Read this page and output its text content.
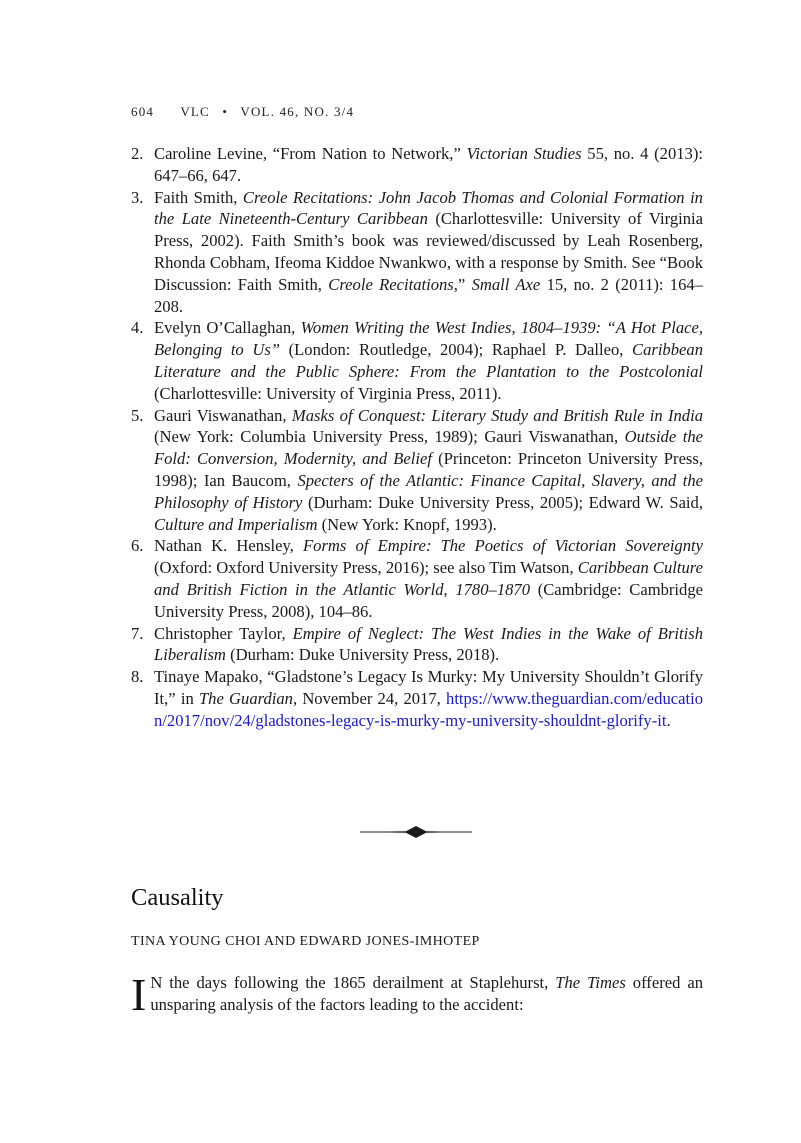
604 VLC • VOL. 46, NO. 3/4
2. Caroline Levine, “From Nation to Network,” Victorian Studies 55, no. 4 (2013): 647–66, 647.
3. Faith Smith, Creole Recitations: John Jacob Thomas and Colonial Formation in the Late Nineteenth-Century Caribbean (Charlottesville: University of Virginia Press, 2002). Faith Smith’s book was reviewed/discussed by Leah Rosenberg, Rhonda Cobham, Ifeoma Kiddoe Nwankwo, with a response by Smith. See “Book Discussion: Faith Smith, Creole Recitations,” Small Axe 15, no. 2 (2011): 164–208.
4. Evelyn O’Callaghan, Women Writing the West Indies, 1804–1939: “A Hot Place, Belonging to Us” (London: Routledge, 2004); Raphael P. Dalleo, Caribbean Literature and the Public Sphere: From the Plantation to the Postcolonial (Charlottesville: University of Virginia Press, 2011).
5. Gauri Viswanathan, Masks of Conquest: Literary Study and British Rule in India (New York: Columbia University Press, 1989); Gauri Viswanathan, Outside the Fold: Conversion, Modernity, and Belief (Princeton: Princeton University Press, 1998); Ian Baucom, Specters of the Atlantic: Finance Capital, Slavery, and the Philosophy of History (Durham: Duke University Press, 2005); Edward W. Said, Culture and Imperialism (New York: Knopf, 1993).
6. Nathan K. Hensley, Forms of Empire: The Poetics of Victorian Sovereignty (Oxford: Oxford University Press, 2016); see also Tim Watson, Caribbean Culture and British Fiction in the Atlantic World, 1780–1870 (Cambridge: Cambridge University Press, 2008), 104–86.
7. Christopher Taylor, Empire of Neglect: The West Indies in the Wake of British Liberalism (Durham: Duke University Press, 2018).
8. Tinaye Mapako, “Gladstone’s Legacy Is Murky: My University Shouldn’t Glorify It,” in The Guardian, November 24, 2017, https://www.theguardian.com/education/2017/nov/24/gladstones-legacy-is-murky-my-university-shouldnt-glorify-it.
Causality
TINA YOUNG CHOI AND EDWARD JONES-IMHOTEP

I N the days following the 1865 derailment at Staplehurst, The Times offered an unsparing analysis of the factors leading to the accident:
